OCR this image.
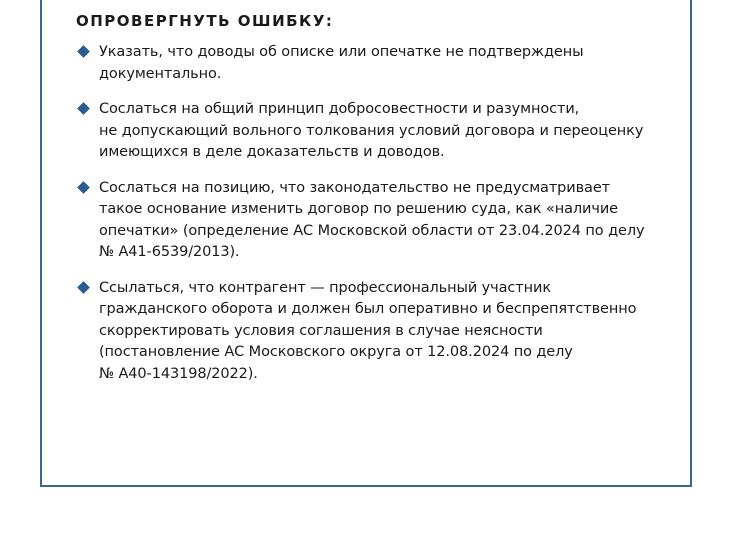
ОПРОВЕРГНУТЬ ОШИБКУ:
Указать, что доводы об описке или опечатке не подтверждены
документально.
Сослаться на общий принцип добросовестности и разумности,
не допускающий вольного толкования условий договора и переоценку
имеющихся в деле доказательств и доводов.
Сослаться на позицию, что законодательство не предусматривает
такое основание изменить договор по решению суда, как «наличие
опечатки» (определение АС Московской области от 23.04.2024 по делу
№ А41-6539/2013).
Ссылаться, что контрагент — профессиональный участник
гражданского оборота и должен был оперативно и беспрепятственно
скорректировать условия соглашения в случае неясности
(постановление АС Московского округа от 12.08.2024 по делу
№ А40-143198/2022).
